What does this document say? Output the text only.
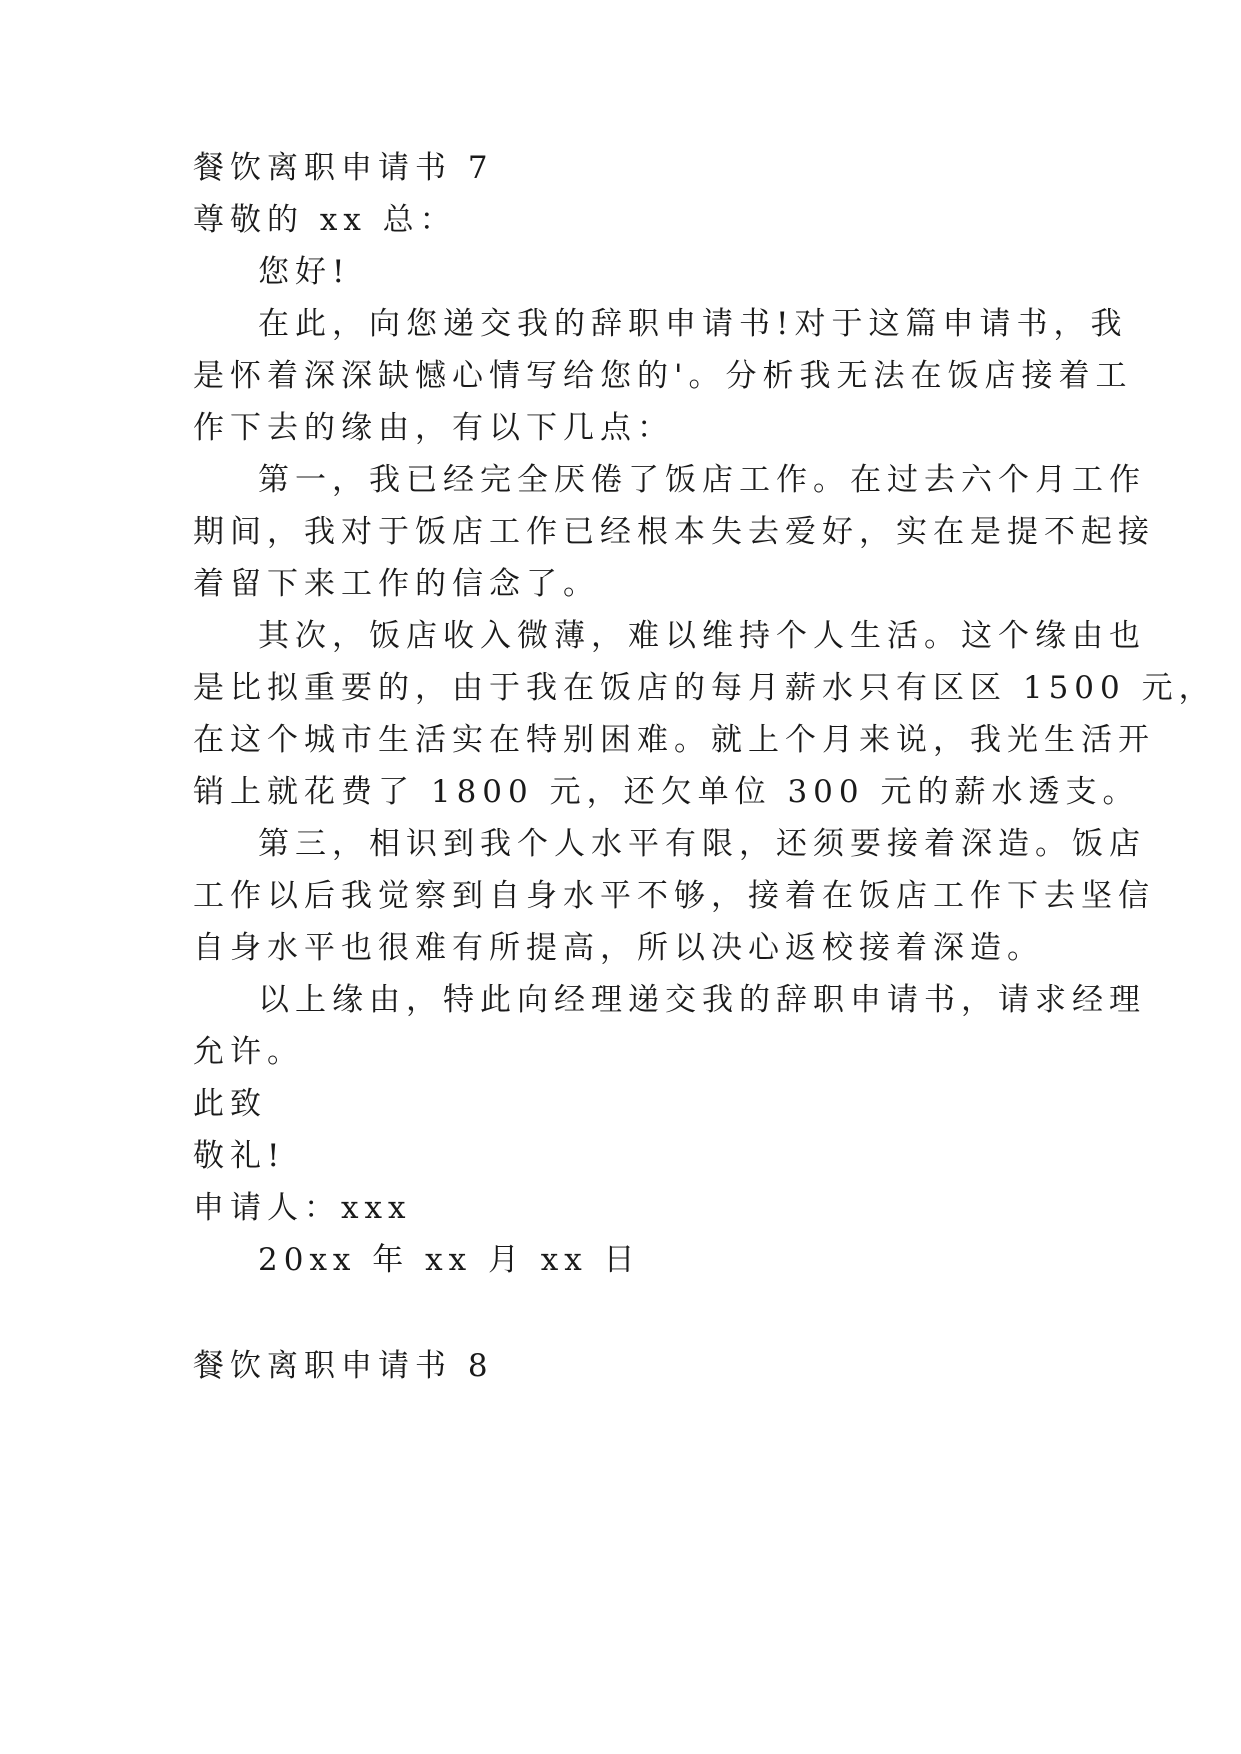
餐饮离职申请书 7
尊敬的 xx 总：
您好!
在此，向您递交我的辞职申请书!对于这篇申请书，我
是怀着深深缺憾心情写给您的'。分析我无法在饭店接着工
作下去的缘由，有以下几点：
第一，我已经完全厌倦了饭店工作。在过去六个月工作
期间，我对于饭店工作已经根本失去爱好，实在是提不起接
着留下来工作的信念了。
其次，饭店收入微薄，难以维持个人生活。这个缘由也
是比拟重要的，由于我在饭店的每月薪水只有区区 1500 元，
在这个城市生活实在特别困难。就上个月来说，我光生活开
销上就花费了 1800 元，还欠单位 300 元的薪水透支。
第三，相识到我个人水平有限，还须要接着深造。饭店
工作以后我觉察到自身水平不够，接着在饭店工作下去坚信
自身水平也很难有所提高，所以决心返校接着深造。
以上缘由，特此向经理递交我的辞职申请书，请求经理
允许。
此致
敬礼!
申请人：xxx
20xx 年 xx 月 xx 日
餐饮离职申请书 8
